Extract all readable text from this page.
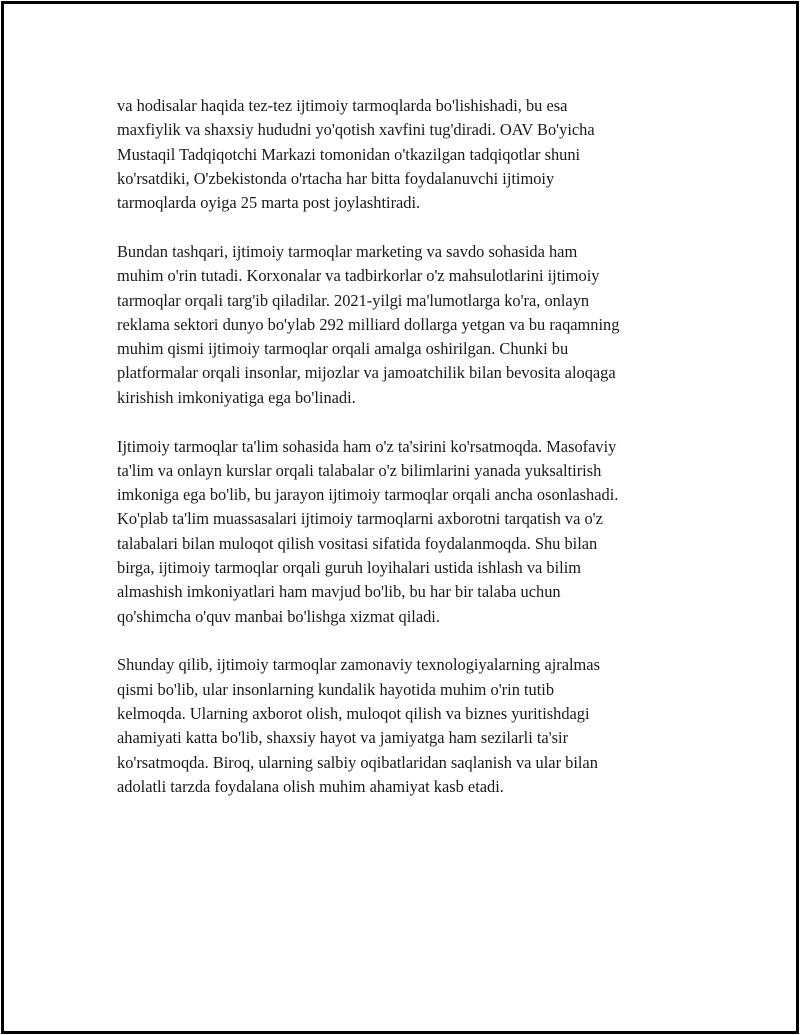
va hodisalar haqida tez-tez ijtimoiy tarmoqlarda bo'lishishadi, bu esa
maxfiylik va shaxsiy hududni yo'qotish xavfini tug'diradi. OAV Bo'yicha
Mustaqil Tadqiqotchi Markazi tomonidan o'tkazilgan tadqiqotlar shuni
ko'rsatdiki, O'zbekistonda o'rtacha har bitta foydalanuvchi ijtimoiy
tarmoqlarda oyiga 25 marta post joylashtiradi.

Bundan tashqari, ijtimoiy tarmoqlar marketing va savdo sohasida ham
muhim o'rin tutadi. Korxonalar va tadbirkorlar o'z mahsulotlarini ijtimoiy
tarmoqlar orqali targ'ib qiladilar. 2021-yilgi ma'lumotlarga ko'ra, onlayn
reklama sektori dunyo bo'ylab 292 milliard dollarga yetgan va bu raqamning
muhim qismi ijtimoiy tarmoqlar orqali amalga oshirilgan. Chunki bu
platformalar orqali insonlar, mijozlar va jamoatchilik bilan bevosita aloqaga
kirishish imkoniyatiga ega bo'linadi.

Ijtimoiy tarmoqlar ta'lim sohasida ham o'z ta'sirini ko'rsatmoqda. Masofaviy
ta'lim va onlayn kurslar orqali talabalar o'z bilimlarini yanada yuksaltirish
imkoniga ega bo'lib, bu jarayon ijtimoiy tarmoqlar orqali ancha osonlashadi.
Ko'plab ta'lim muassasalari ijtimoiy tarmoqlarni axborotni tarqatish va o'z
talabalari bilan muloqot qilish vositasi sifatida foydalanmoqda. Shu bilan
birga, ijtimoiy tarmoqlar orqali guruh loyihalari ustida ishlash va bilim
almashish imkoniyatlari ham mavjud bo'lib, bu har bir talaba uchun
qo'shimcha o'quv manbai bo'lishga xizmat qiladi.

Shunday qilib, ijtimoiy tarmoqlar zamonaviy texnologiyalarning ajralmas
qismi bo'lib, ular insonlarning kundalik hayotida muhim o'rin tutib
kelmoqda. Ularning axborot olish, muloqot qilish va biznes yuritishdagi
ahamiyati katta bo'lib, shaxsiy hayot va jamiyatga ham sezilarli ta'sir
ko'rsatmoqda. Biroq, ularning salbiy oqibatlaridan saqlanish va ular bilan
adolatli tarzda foydalana olish muhim ahamiyat kasb etadi.
